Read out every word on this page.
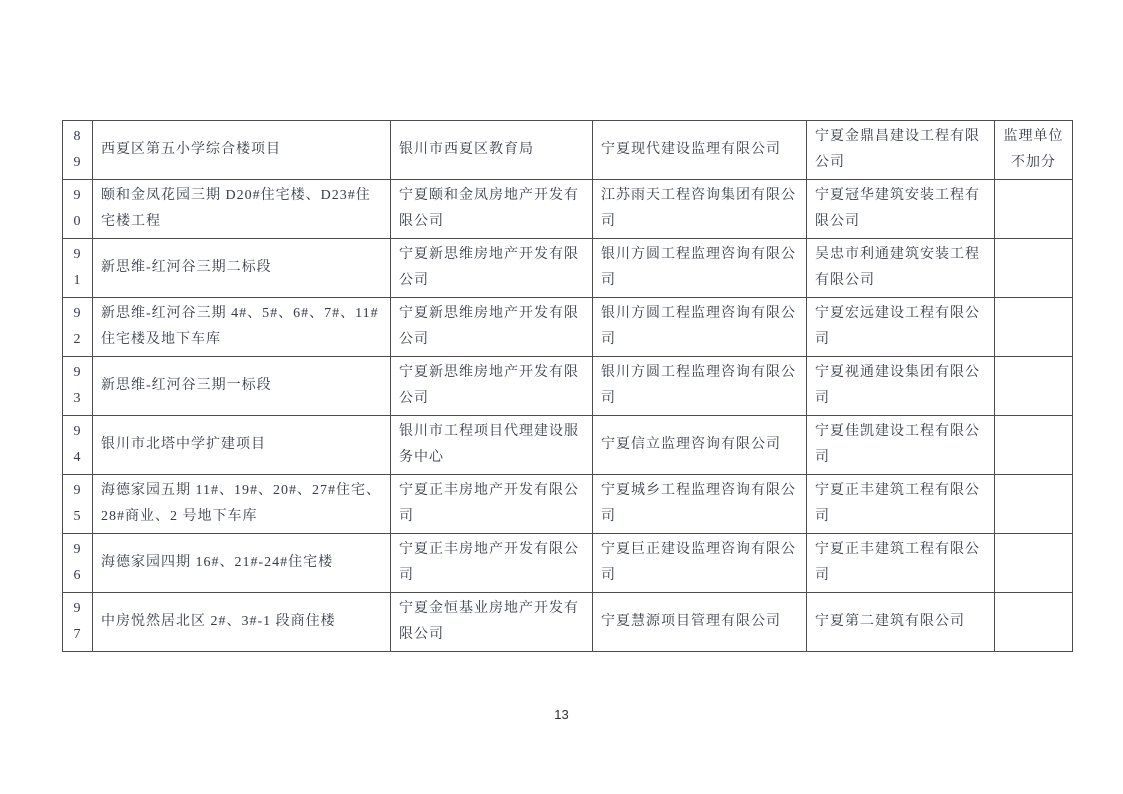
89	西夏区第五小学综合楼项目	银川市西夏区教育局	宁夏现代建设监理有限公司	宁夏金鼎昌建设工程有限公司	监理单位不加分
90	颐和金凤花园三期 D20#住宅楼、D23#住宅楼工程	宁夏颐和金凤房地产开发有限公司	江苏雨天工程咨询集团有限公司	宁夏冠华建筑安装工程有限公司	
91	新思维-红河谷三期二标段	宁夏新思维房地产开发有限公司	银川方圆工程监理咨询有限公司	吴忠市利通建筑安装工程有限公司	
92	新思维-红河谷三期 4#、5#、6#、7#、11#住宅楼及地下车库	宁夏新思维房地产开发有限公司	银川方圆工程监理咨询有限公司	宁夏宏远建设工程有限公司	
93	新思维-红河谷三期一标段	宁夏新思维房地产开发有限公司	银川方圆工程监理咨询有限公司	宁夏视通建设集团有限公司	
94	银川市北塔中学扩建项目	银川市工程项目代理建设服务中心	宁夏信立监理咨询有限公司	宁夏佳凯建设工程有限公司	
95	海德家园五期 11#、19#、20#、27#住宅、28#商业、2 号地下车库	宁夏正丰房地产开发有限公司	宁夏城乡工程监理咨询有限公司	宁夏正丰建筑工程有限公司	
96	海德家园四期 16#、21#-24#住宅楼	宁夏正丰房地产开发有限公司	宁夏巨正建设监理咨询有限公司	宁夏正丰建筑工程有限公司	
97	中房悦然居北区 2#、3#-1 段商住楼	宁夏金恒基业房地产开发有限公司	宁夏慧源项目管理有限公司	宁夏第二建筑有限公司	
13
